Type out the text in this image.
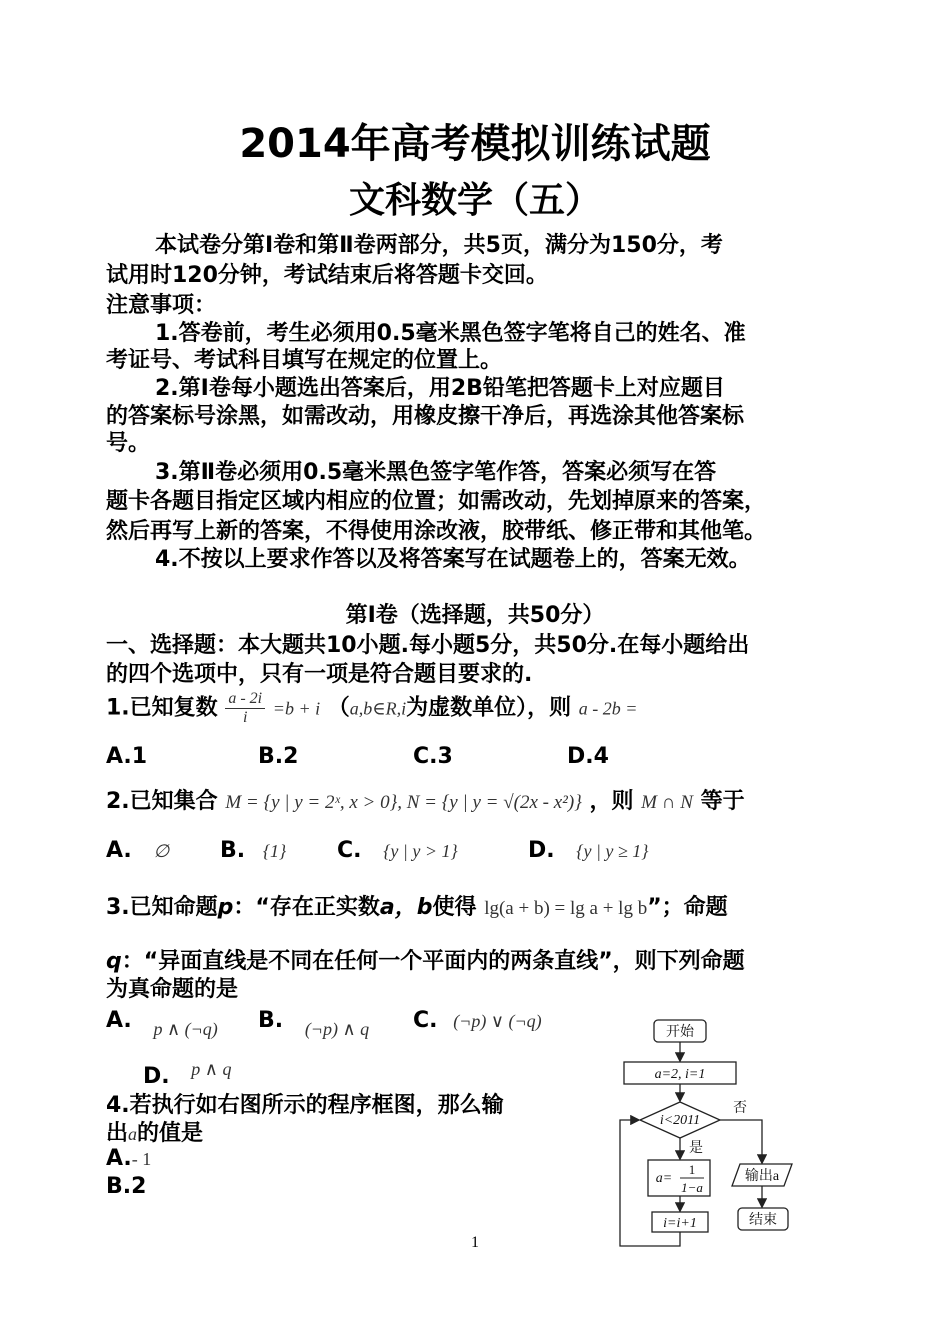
2014年高考模拟训练试题
文科数学（五）
本试卷分第Ⅰ卷和第Ⅱ卷两部分，共5页，满分为150分，考
试用时120分钟，考试结束后将答题卡交回。
注意事项：
1.答卷前，考生必须用0.5毫米黑色签字笔将自己的姓名、准
考证号、考试科目填写在规定的位置上。
2.第Ⅰ卷每小题选出答案后，用2B铅笔把答题卡上对应题目
的答案标号涂黑，如需改动，用橡皮擦干净后，再选涂其他答案标
号。
3.第Ⅱ卷必须用0.5毫米黑色签字笔作答，答案必须写在答
题卡各题目指定区域内相应的位置；如需改动，先划掉原来的答案，
然后再写上新的答案，不得使用涂改液，胶带纸、修正带和其他笔。
4.不按以上要求作答以及将答案写在试题卷上的，答案无效。
第Ⅰ卷（选择题，共50分）
一、选择题：本大题共10小题.每小题5分，共50分.在每小题给出
的四个选项中，只有一项是符合题目要求的.
1.已知复数 $\frac{a - 2i}{i} =b + i$ （a,b∈R,i为虚数单位），则 a - 2b =
A.1	B.2	C.3	D.4
2.已知集合 M = {y | y = 2ˣ, x > 0}, N = {y | y = √(2x - x²)} ，则 M ∩ N 等于
A. ∅ B. {1} C. {y | y > 1}	D. {y | y ≥ 1}
3.已知命题p：“存在正实数a，b使得 lg(a + b) = lg a + lg b”；命题
q：“异面直线是不同在任何一个平面内的两条直线”，则下列命题
为真命题的是
A. $_{p \wedge (\neg q)}$ B. $_{(\neg p) \wedge q}$ C. (¬p) ∨ (¬q)
D. p ∧ q
4.若执行如右图所示的程序框图，那么输
出a的值是
A.- 1
B.2
开始
a=2, i=1
i<2011
否
是
a=
1
1−a
i=i+1
输出a
结束
1
